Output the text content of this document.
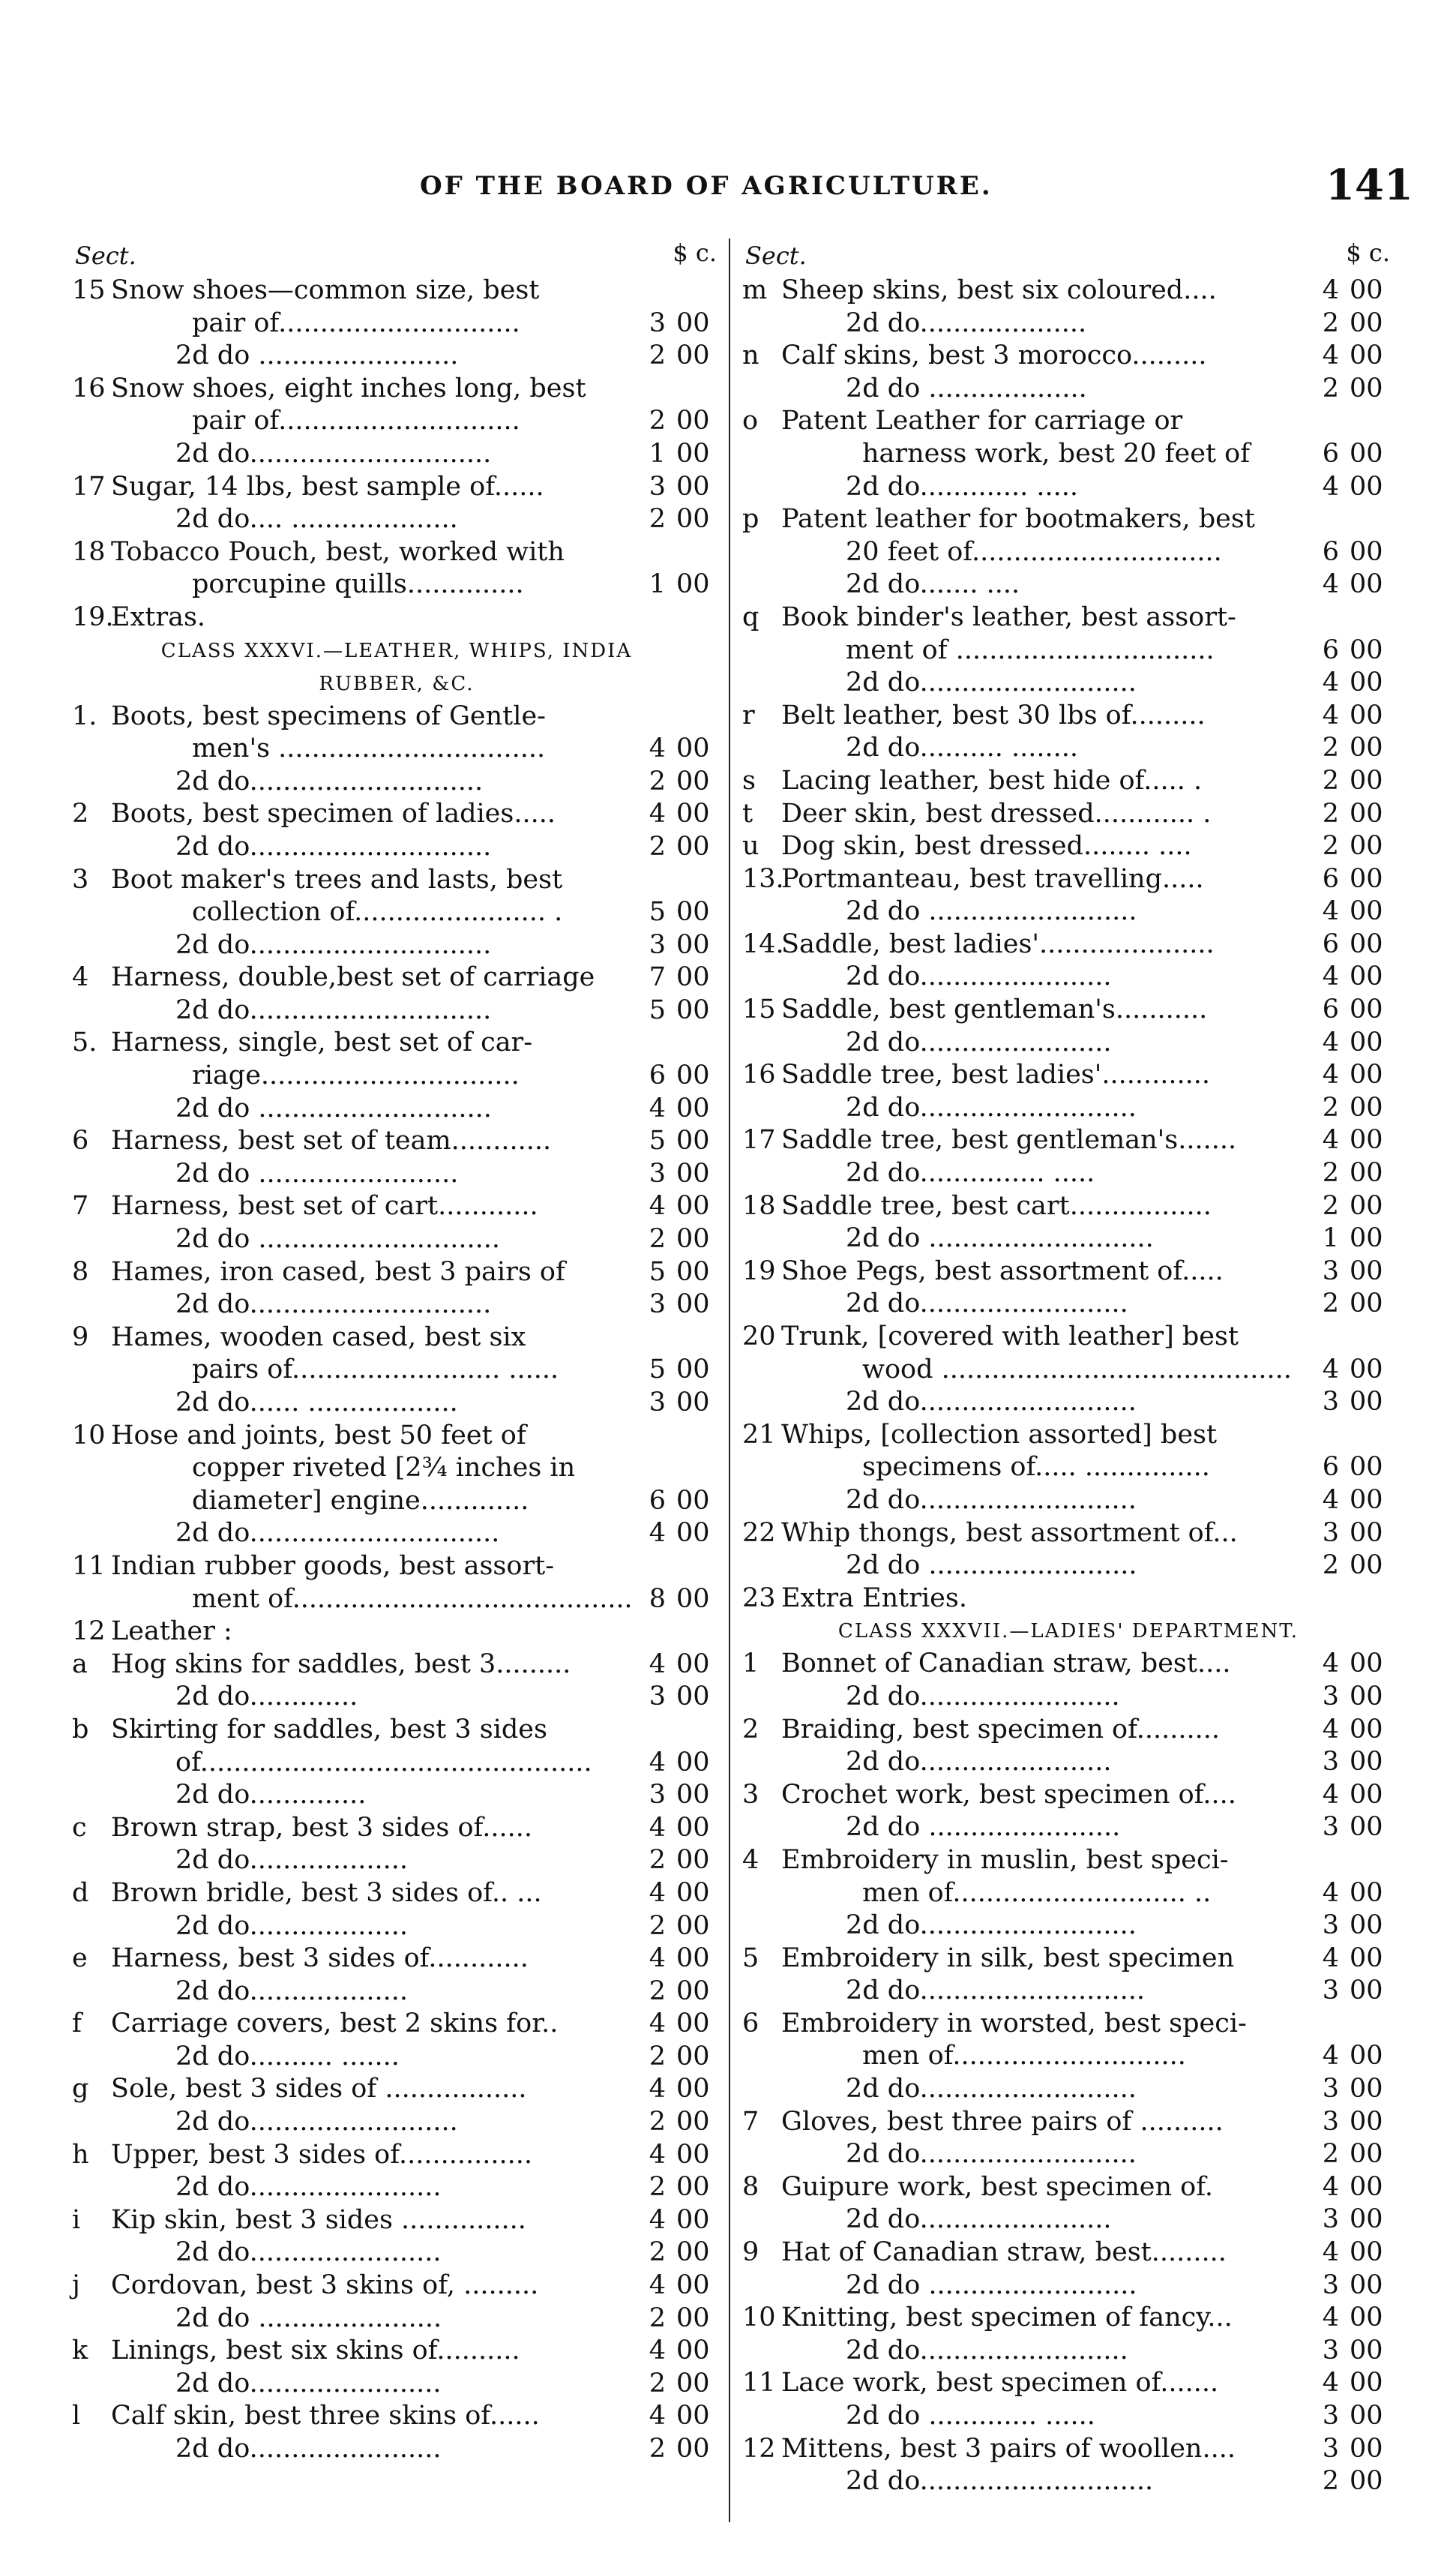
OF THE BOARD OF AGRICULTURE.	141
Sect.	$ c.
15 Snow shoes—common size, best
pair of.............................	3 00
2d do ........................	2 00
16 Snow shoes, eight inches long, best
pair of.............................	2 00
2d do.............................	1 00
17 Sugar, 14 lbs, best sample of......	3 00
2d do.... ....................	2 00
18 Tobacco Pouch, best, worked with
porcupine quills..............	1 00
19.
Extras.
CLASS XXXVI.—LEATHER, WHIPS, INDIA
RUBBER, &C.
1. Boots, best specimens of Gentle-
men's ................................	4 00
2d do............................	2 00
2 Boots, best specimen of ladies.....	4 00
2d do.............................	2 00
3 Boot maker's trees and lasts, best
collection of....................... .	5 00
2d do.............................	3 00
4 Harness, double,best set of carriage	7 00
2d do.............................	5 00
5. Harness, single, best set of car-
riage...............................	6 00
2d do ............................	4 00
6 Harness, best set of team............	5 00
2d do ........................	3 00
7 Harness, best set of cart............	4 00
2d do .............................	2 00
8 Hames, iron cased, best 3 pairs of	5 00
2d do.............................	3 00
9 Hames, wooden cased, best six
pairs of......................... ......	5 00
2d do...... ..................	3 00
10 Hose and joints, best 50 feet of
copper riveted [2¾ inches in
diameter] engine.............	6 00
2d do..............................	4 00
11 Indian rubber goods, best assort-
ment of......................................... 8 00
12 Leather :
a Hog skins for saddles, best 3.........	4 00
2d do.............	3 00
b Skirting for saddles, best 3 sides
of...............................................	4 00
2d do..............	3 00
c Brown strap, best 3 sides of......	4 00
2d do...................	2 00
d Brown bridle, best 3 sides of.. ...	4 00
2d do...................	2 00
e Harness, best 3 sides of............	4 00
2d do...................	2 00
f	Carriage covers, best 2 skins for..	4 00
2d do.......... .......	2 00
g Sole, best 3 sides of .................	4 00
2d do.........................	2 00
h Upper, best 3 sides of................	4 00
2d do.......................	2 00
i	Kip skin, best 3 sides ...............	4 00
2d do.......................	2 00
j	Cordovan, best 3 skins of, .........	4 00
2d do ......................	2 00
k Linings, best six skins of..........	4 00
2d do.......................	2 00
l	Calf skin, best three skins of......	4 00
2d do.......................	2 00
Sect.	$ c.
m Sheep skins, best six coloured....	4 00
2d do....................	2 00
n Calf skins, best 3 morocco.........	4 00
2d do ...................	2 00
o Patent Leather for carriage or
harness work, best 20 feet of	6 00
2d do............. .....	4 00
p Patent leather for bootmakers, best
20 feet of..............................	6 00
2d do....... ....	4 00
q Book binder's leather, best assort-
ment of ...............................	6 00
2d do..........................	4 00
r	Belt leather, best 30 lbs of.........	4 00
2d do.......... ........	2 00
s Lacing leather, best hide of..... .	2 00
t	Deer skin, best dressed............ .	2 00
u Dog skin, best dressed........ ....	2 00
13.
Portmanteau, best travelling.....	6 00
2d do .........................	4 00
14.
Saddle, best ladies'.....................	6 00
2d do.......................	4 00
15 Saddle, best gentleman's...........	6 00
2d do.......................	4 00
16 Saddle tree, best ladies'.............	4 00
2d do..........................	2 00
17 Saddle tree, best gentleman's.......	4 00
2d do............... .....	2 00
18 Saddle tree, best cart.................	2 00
2d do ...........................	1 00
19 Shoe Pegs, best assortment of.....	3 00
2d do.........................	2 00
20 Trunk, [covered with leather] best
wood ..........................................	4 00
2d do..........................	3 00
21 Whips, [collection assorted] best
specimens of..... ...............	6 00
2d do..........................	4 00
22 Whip thongs, best assortment of...	3 00
2d do .........................	2 00
23 Extra Entries.
CLASS XXXVII.—LADIES' DEPARTMENT.
1 Bonnet of Canadian straw, best....	4 00
2d do........................	3 00
2 Braiding, best specimen of..........	4 00
2d do.......................	3 00
3 Crochet work, best specimen of....	4 00
2d do .......................	3 00
4 Embroidery in muslin, best speci-
men of............................ ..	4 00
2d do..........................	3 00
5 Embroidery in silk, best specimen	4 00
2d do...........................	3 00
6 Embroidery in worsted, best speci-
men of............................	4 00
2d do..........................	3 00
7 Gloves, best three pairs of ..........	3 00
2d do..........................	2 00
8 Guipure work, best specimen of.	4 00
2d do.......................	3 00
9 Hat of Canadian straw, best.........	4 00
2d do .........................	3 00
10 Knitting, best specimen of fancy...	4 00
2d do.........................	3 00
11 Lace work, best specimen of.......	4 00
2d do ............. ......	3 00
12 Mittens, best 3 pairs of woollen....	3 00
2d do............................	2 00
